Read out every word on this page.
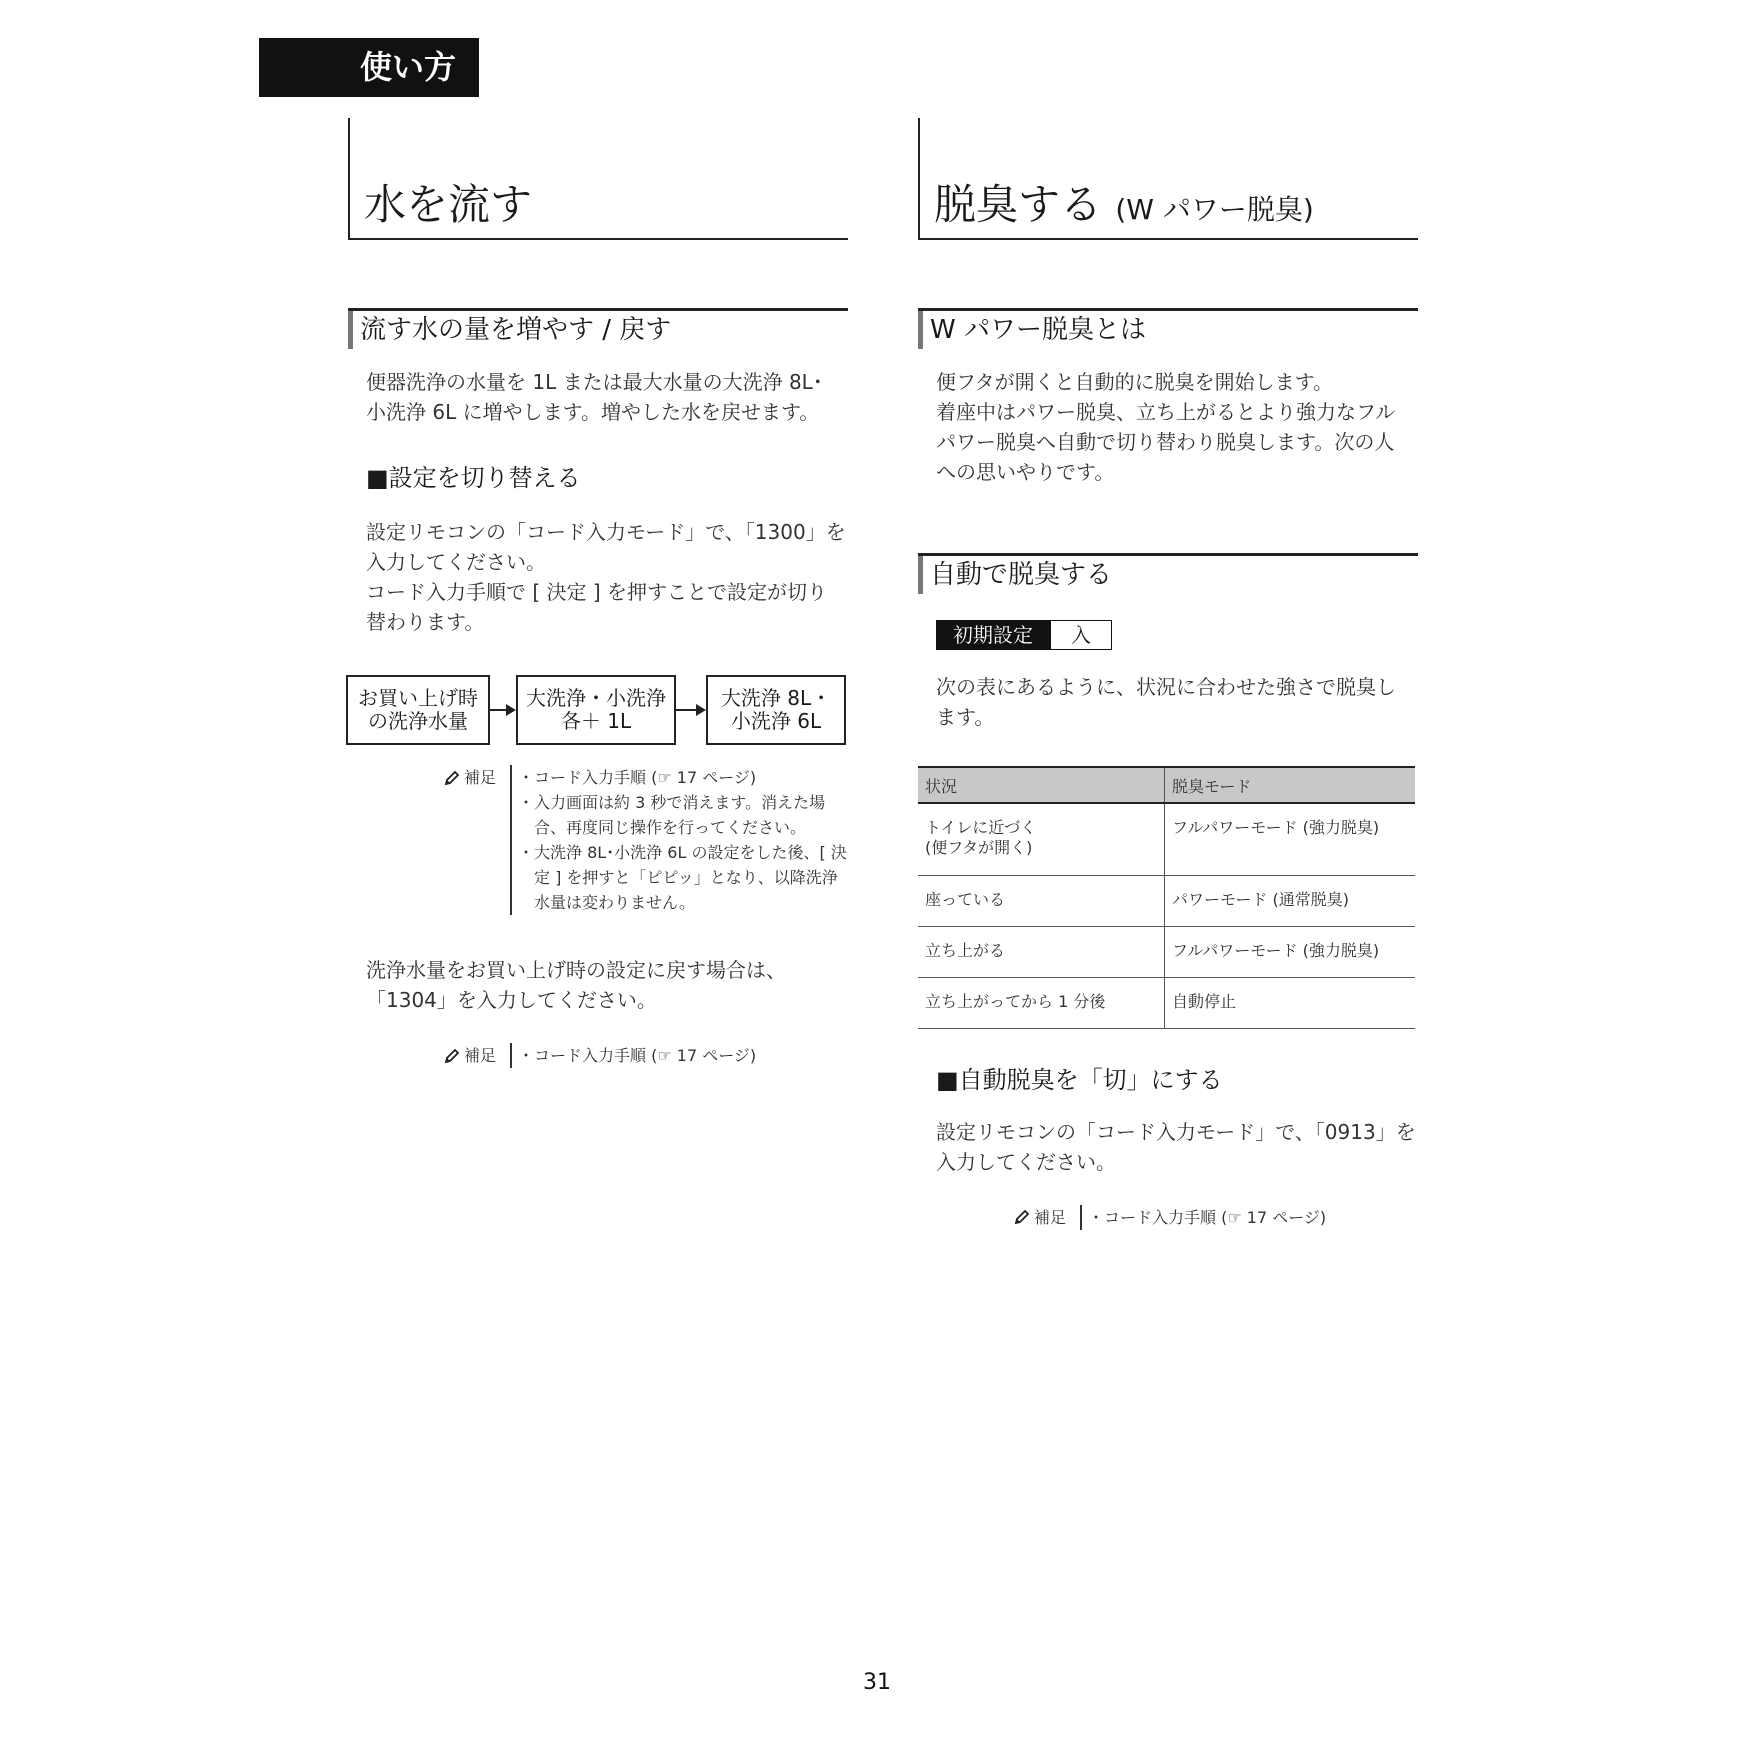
使い方
水を流す
流す水の量を増やす / 戻す
便器洗浄の水量を 1L または最大水量の大洗浄 8L･
小洗浄 6L に増やします。増やした水を戻せます。
■設定を切り替える
設定リモコンの「コード入力モード」で、「1300」を
入力してください。
コード入力手順で [ 決定 ] を押すことで設定が切り
替わります。
お買い上げ時
の洗浄水量
大洗浄・小洗浄
各＋ 1L
大洗浄 8L・
小洗浄 6L
補足 ・コード入力手順 (☞ 17 ページ)
・入力画面は約 3 秒で消えます。消えた場
　合、再度同じ操作を行ってください。
・大洗浄 8L･小洗浄 6L の設定をした後、[ 決
　定 ] を押すと「ピピッ」となり、以降洗浄
　水量は変わりません。
洗浄水量をお買い上げ時の設定に戻す場合は、
「1304」を入力してください。
補足 ・コード入力手順 (☞ 17 ページ)
脱臭する (W パワー脱臭)
W パワー脱臭とは
便フタが開くと自動的に脱臭を開始します。
着座中はパワー脱臭、立ち上がるとより強力なフル
パワー脱臭へ自動で切り替わり脱臭します。次の人
への思いやりです。
自動で脱臭する
初期設定	入
次の表にあるように、状況に合わせた強さで脱臭し
ます。
状況	脱臭モード

トイレに近づく
(便フタが開く)	フルパワーモード (強力脱臭)
座っている	パワーモード (通常脱臭)
立ち上がる	フルパワーモード (強力脱臭)
立ち上がってから 1 分後	自動停止
■自動脱臭を「切」にする
設定リモコンの「コード入力モード」で、「0913」を
入力してください。
補足 ・コード入力手順 (☞ 17 ページ)
31
